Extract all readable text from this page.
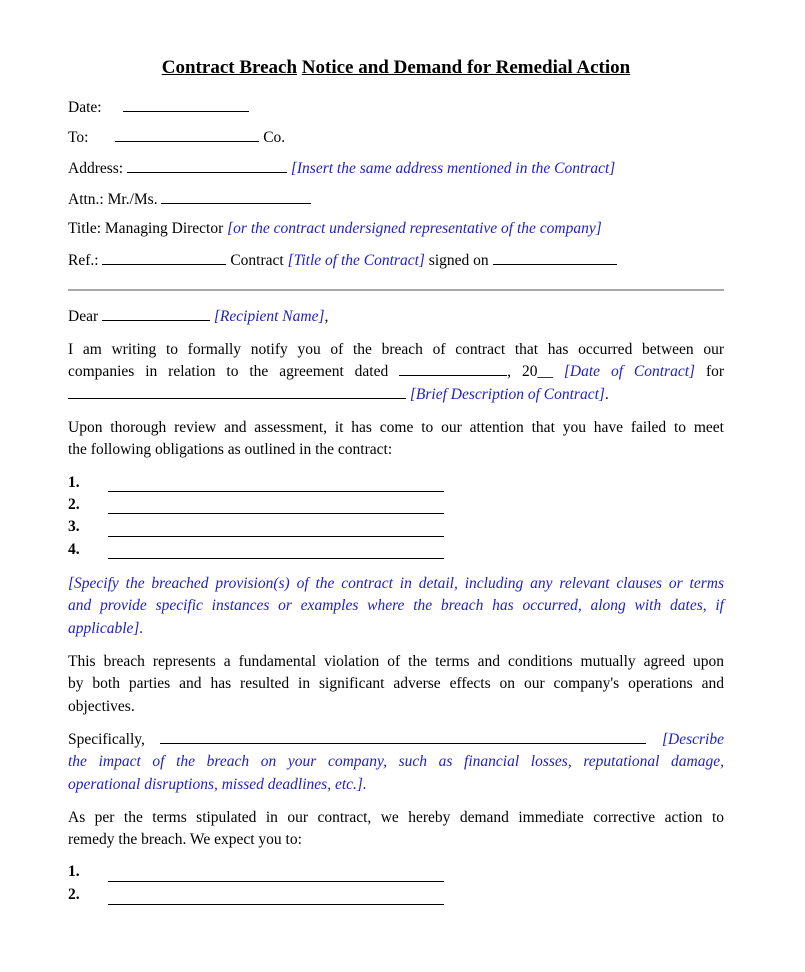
Contract Breach Notice and Demand for Remedial Action
Date:
To:	Co.
Address:	[Insert the same address mentioned in the Contract]
Attn.: Mr./Ms.
Title: Managing Director [or the contract undersigned representative of the company]
Ref.:	Contract [Title of the Contract] signed on
Dear	[Recipient Name],
I am writing to formally notify you of the breach of contract that has occurred between our
companies in relation to the agreement dated	, 20__ [Date of Contract] for
[Brief Description of Contract].
Upon thorough review and assessment, it has come to our attention that you have failed to meet
the following obligations as outlined in the contract:
1.
2.
3.
4.
[Specify the breached provision(s) of the contract in detail, including any relevant clauses or terms
and provide specific instances or examples where the breach has occurred, along with dates, if
applicable].
This breach represents a fundamental violation of the terms and conditions mutually agreed upon
by both parties and has resulted in significant adverse effects on our company's operations and
objectives.
Specifically,	[Describe
the impact of the breach on your company, such as financial losses, reputational damage,
operational disruptions, missed deadlines, etc.].
As per the terms stipulated in our contract, we hereby demand immediate corrective action to
remedy the breach. We expect you to:
1.
2.
